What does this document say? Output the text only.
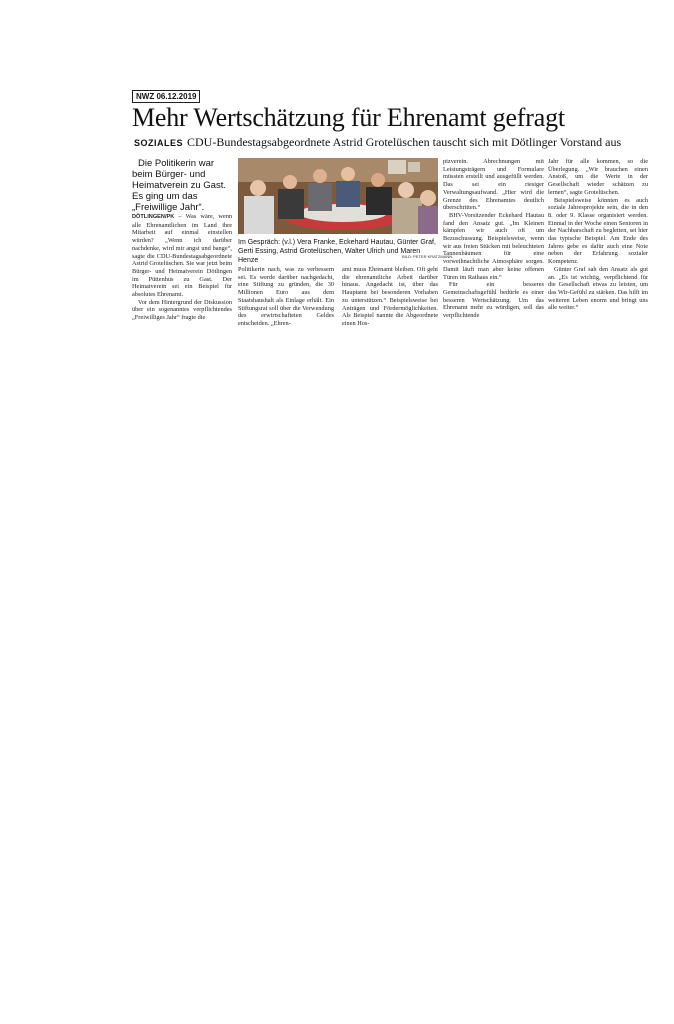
NWZ 06.12.2019
Mehr Wertschätzung für Ehrenamt gefragt
SOZIALES CDU-Bundestagsabgeordnete Astrid Grotelüschen tauscht sich mit Dötlinger Vorstand aus

Die Politikerin war beim Bürger- und Heimatverein zu Gast. Es ging um das „Freiwillige Jahr“.

DÖTLINGEN/PK – Was wäre, wenn alle Ehrenamtlichen im Land ihre Mitarbeit auf einmal einstellen würden? „Wenn ich darüber nachdenke, wird mir angst und bange“, sagte die CDU-Bundestagsabgeordnete Astrid Grotelüschen. Sie war jetzt beim Bürger- und Heimatverein Dötlingen im Püttenhus zu Gast. Der Heimatverein sei ein Beispiel für absolutes Ehrenamt.

Vor dem Hintergrund der Diskussion über ein sogenanntes verpflichtendes „Freiwilliges Jahr“ fragte die

Im Gespräch: (v.l.) Vera Franke, Eckehard Hautau, Günter Graf, Gerti Essing, Astrid Grotelüschen, Walter Ulrich und Maren Henze
BILD: PETER KRATZMANN

Politikerin nach, was zu verbessern sei. Es werde darüber nachgedacht, eine Stiftung zu gründen, die 30 Millionen Euro aus dem Staatshaushalt als Einlage erhält. Ein Stiftungsrat soll über die Verwendung des erwirtschafteten Geldes entscheiden. „Ehren-

amt muss Ehrenamt bleiben. Oft geht die ehrenamtliche Arbeit darüber hinaus. Angedacht ist, über das Hauptamt bei besonderen Vorhaben zu unterstützen.“ Beispielsweise bei Anträgen und Fördermöglichkeiten. Als Beispiel nannte die Abgeordnete einen Hos-

pizverein. Abrechnungen mit Leistungsträgern und Formulare müssten erstellt und ausgefüllt werden. Das sei ein riesiger Verwaltungsaufwand. „Hier wird die Grenze des Ehrenamtes deutlich überschritten.“

BHV-Vorsitzender Eckehard Hautau fand den Ansatz gut. „Im Kleinen kämpfen wir auch oft um Bezuschussung. Beispielsweise, wenn wir aus freien Stücken mit beleuchteten Tannenbäumen für eine vorweihnachtliche Atmosphäre sorgen. Damit läuft man aber keine offenen Türen im Rathaus ein.“

Für ein besseres Gemeinschaftsgefühl bedürfe es einer besseren Wertschätzung. Um das Ehrenamt mehr zu würdigen, soll das verpflichtende

Jahr für alle kommen, so die Überlegung. „Wir brauchen einen Anstoß, um die Werte in der Gesellschaft wieder schätzen zu lernen“, sagte Grotelüschen.

Beispielsweise könnten es auch soziale Jahresprojekte sein, die in den 8. oder 9. Klasse organisiert werden. Einmal in der Woche einen Senioren in der Nachbarschaft zu begleiten, sei hier das typische Beispiel. Am Ende des Jahres gebe es dafür auch eine Note neben der Erfahrung sozialer Kompetenz.

Günter Graf sah den Ansatz als gut an. „Es ist wichtig, verpflichtend für die Gesellschaft etwas zu leisten, um das Wir-Gefühl zu stärken. Das hilft im weiteren Leben enorm und bringt uns alle weiter.“
